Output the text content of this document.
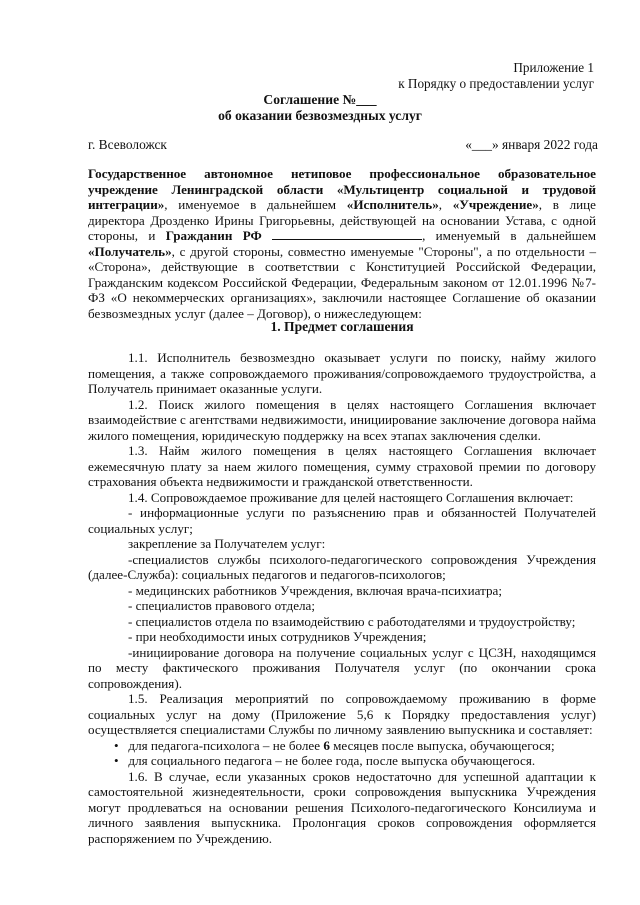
Приложение 1
к Порядку о предоставлении услуг
Соглашение №___
об оказании безвозмездных услуг
г. Всеволожск	«___» января 2022 года
Государственное автономное нетиповое профессиональное образовательное учреждение Ленинградской области «Мультицентр социальной и трудовой интеграции», именуемое в дальнейшем «Исполнитель», «Учреждение», в лице директора Дрозденко Ирины Григорьевны, действующей на основании Устава, с одной стороны, и Гражданин РФ	, именуемый в дальнейшем «Получатель», с другой стороны, совместно именуемые "Стороны", а по отдельности – «Сторона», действующие в соответствии с Конституцией Российской Федерации, Гражданским кодексом Российской Федерации, Федеральным законом от 12.01.1996 №7-ФЗ «О некоммерческих организациях», заключили настоящее Соглашение об оказании безвозмездных услуг (далее – Договор), о нижеследующем:
1. Предмет соглашения

1.1. Исполнитель безвозмездно оказывает услуги по поиску, найму жилого помещения, а также сопровождаемого проживания/сопровождаемого трудоустройства, а Получатель принимает оказанные услуги.

1.2. Поиск жилого помещения в целях настоящего Соглашения включает взаимодействие с агентствами недвижимости, инициирование заключение договора найма жилого помещения, юридическую поддержку на всех этапах заключения сделки.

1.3. Найм жилого помещения в целях настоящего Соглашения включает ежемесячную плату за наем жилого помещения, сумму страховой премии по договору страхования объекта недвижимости и гражданской ответственности.

1.4. Сопровождаемое проживание для целей настоящего Соглашения включает:

- информационные услуги по разъяснению прав и обязанностей Получателей социальных услуг;

закрепление за Получателем услуг:

-специалистов службы психолого-педагогического сопровождения Учреждения (далее-Служба): социальных педагогов и педагогов-психологов;

- медицинских работников Учреждения, включая врача-психиатра;

- специалистов правового отдела;

- специалистов отдела по взаимодействию с работодателями и трудоустройству;

- при необходимости иных сотрудников Учреждения;

-инициирование договора на получение социальных услуг с ЦСЗН, находящимся по месту фактического проживания Получателя услуг (по окончании срока сопровождения).

1.5. Реализация мероприятий по сопровождаемому проживанию в форме социальных услуг на дому (Приложение 5,6 к Порядку предоставления услуг) осуществляется специалистами Службы по личному заявлению выпускника и составляет:

•   для педагога-психолога – не более 6 месяцев после выпуска, обучающегося;

•   для социального педагога – не более года, после выпуска обучающегося.

1.6. В случае, если указанных сроков недостаточно для успешной адаптации к самостоятельной жизнедеятельности, сроки сопровождения выпускника Учреждения могут продлеваться на основании решения Психолого-педагогического Консилиума и личного заявления выпускника. Пролонгация сроков сопровождения оформляется распоряжением по Учреждению.
